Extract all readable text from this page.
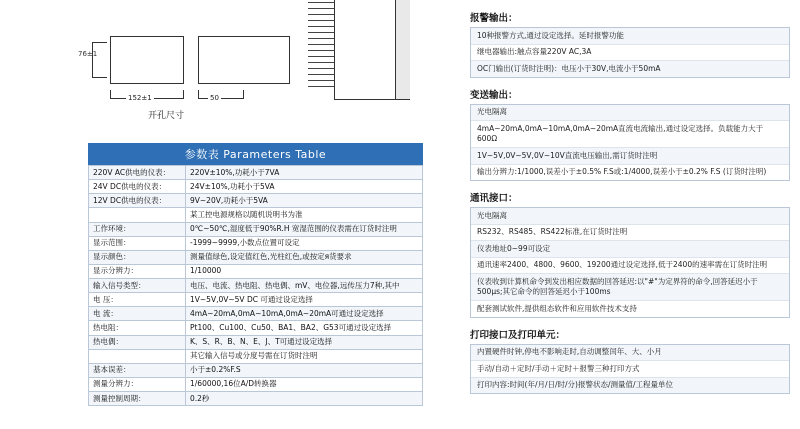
76±1
152±1	50
开孔尺寸
参数表 Parameters Table
220V AC供电的仪表：	220V±10%,功耗小于7VA
24V DC供电的仪表：	24V±10%,功耗小于5VA
12V DC供电的仪表：	9V~20V,功耗小于5VA
	某工控电源规格以随机说明书为准
工作环境：	0℃~50℃,湿度低于90%R.H 宽湿范围的仪表需在订货时注明
显示范围：	-1999~9999,小数点位置可设定
显示颜色：	测量值绿色,设定值红色,光柱红色,或按定я货要求
显示分辨力：	1/10000
输入信号类型：	电压、电流、热电阻、热电偶、mV、电位器,远传压力7种,其中
电 压：	1V~5V,0V~5V DC 可通过设定选择
电 流：	4mA~20mA,0mA~10mA,0mA~20mA可通过设定选择
热电阻：	Pt100、Cu100、Cu50、BA1、BA2、G53可通过设定选择
热电偶：	K、S、R、B、N、E、J、T可通过设定选择
	其它输入信号或分度号需在订货时注明
基本误差：	小于±0.2%F.S
测量分辨力：	1/60000,16位A/D转换器
测量控制周期：	0.2秒
报警输出：
10种报警方式,通过设定选择。延时报警功能
继电器输出:触点容量220V AC,3A
OC门输出(订货时注明)：电压小于30V,电流小于50mA
变送输出：
光电隔离
4mA~20mA,0mA~10mA,0mA~20mA直流电流输出,通过设定选择。负载能力大于600Ω
1V~5V,0V~5V,0V~10V直流电压输出,需订货时注明
输出分辨力:1/1000,误差小于±0.5% F.S或:1/4000,误差小于±0.2% F.S (订货时注明)
通讯接口：
光电隔离
RS232、RS485、RS422标准,在订货时注明
仪表地址0~99可设定
通讯速率2400、4800、9600、19200通过设定选择,低于2400的速率需在订货时注明
仪表收到计算机命令到发出相应数据的回答延迟:以"#"为定界符的命令,回答延迟小于500μs;其它命令的回答延迟小于100ms
配套测试软件,提供组态软件和应用软件技术支持
打印接口及打印单元：
内置硬件时钟,停电不影响走时,自动调整闰年、大、小月
手动/自动＋定时/手动＋定时＋报警三种打印方式
打印内容:时间(年/月/日/时/分)报警状态/测量值/工程量单位
